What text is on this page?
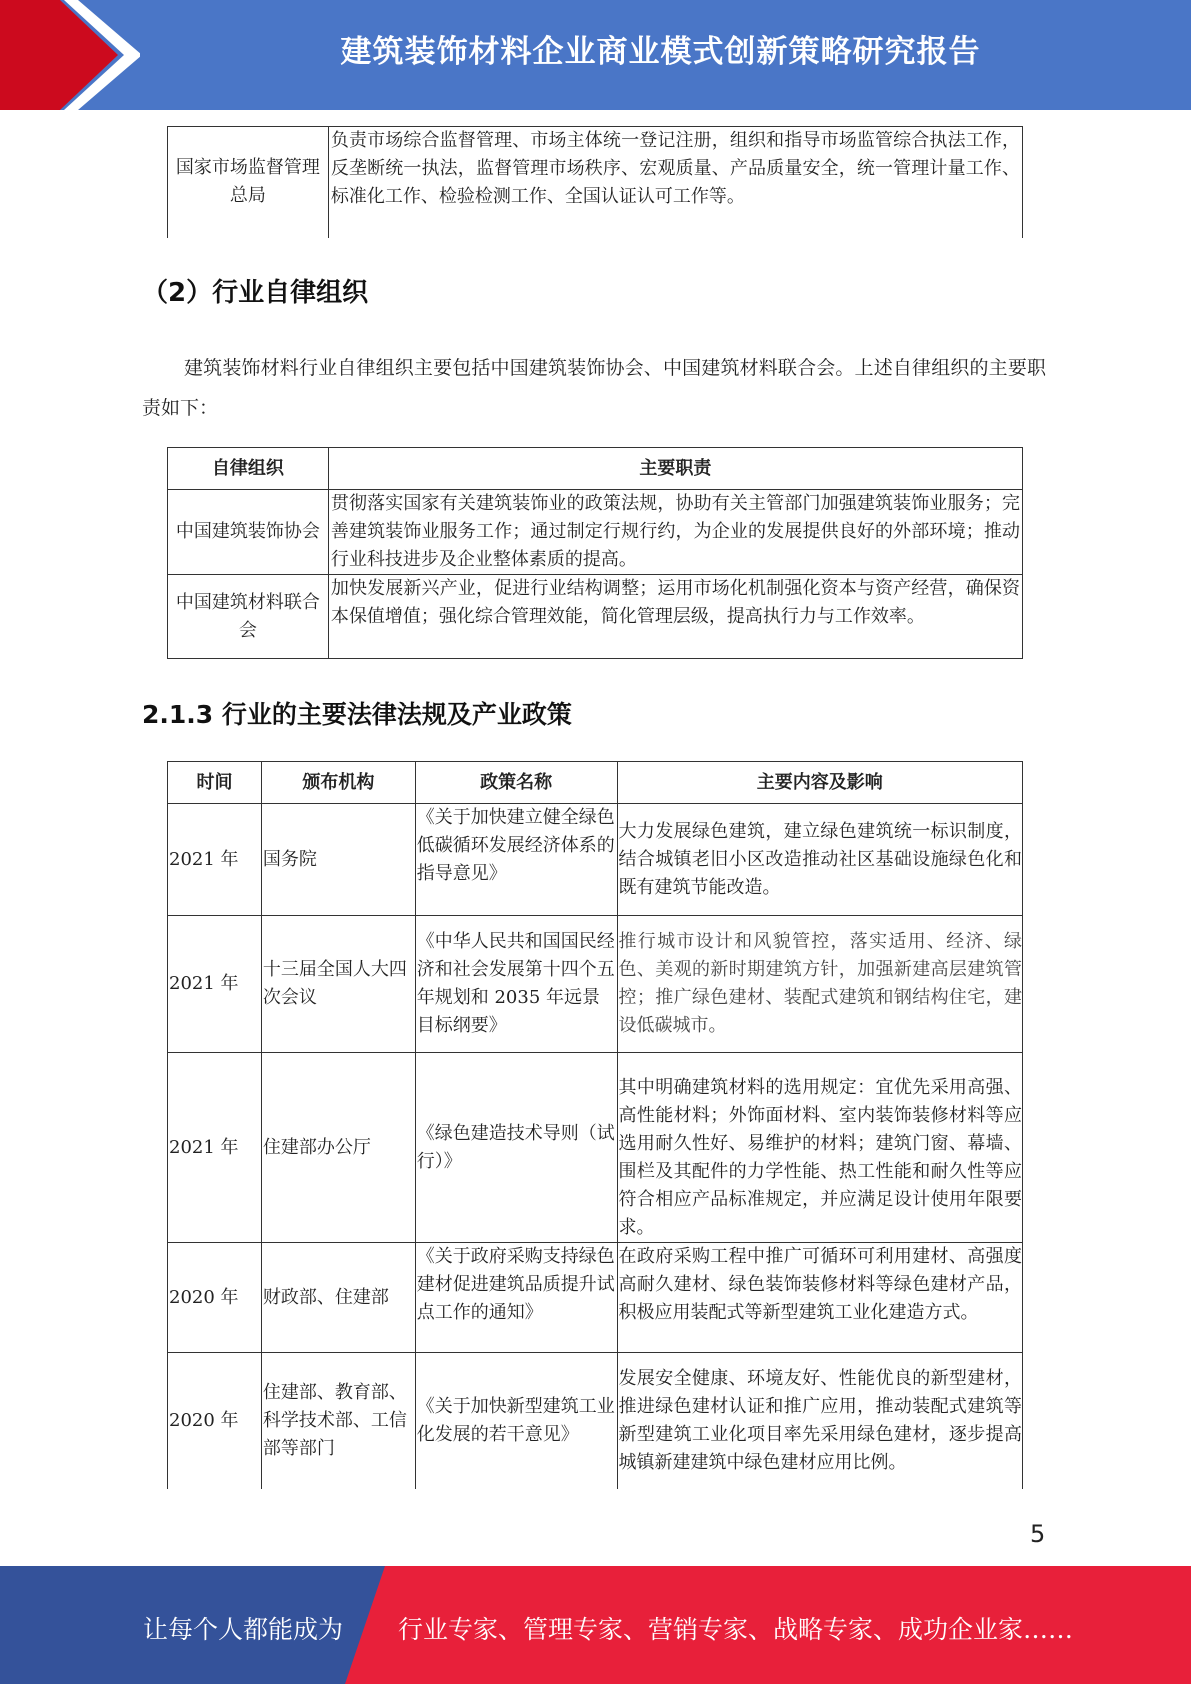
建筑装饰材料企业商业模式创新策略研究报告
国家市场监督管理总局	负责市场综合监督管理、市场主体统一登记注册，组织和指导市场监管综合执法工作，反垄断统一执法，监督管理市场秩序、宏观质量、产品质量安全，统一管理计量工作、标准化工作、检验检测工作、全国认证认可工作等。
（2）行业自律组织
建筑装饰材料行业自律组织主要包括中国建筑装饰协会、中国建筑材料联合会。上述自律组织的主要职责如下：
自律组织	主要职责
中国建筑装饰协会	贯彻落实国家有关建筑装饰业的政策法规，协助有关主管部门加强建筑装饰业服务；完善建筑装饰业服务工作；通过制定行规行约，为企业的发展提供良好的外部环境；推动行业科技进步及企业整体素质的提高。
中国建筑材料联合会	加快发展新兴产业，促进行业结构调整；运用市场化机制强化资本与资产经营，确保资本保值增值；强化综合管理效能，简化管理层级，提高执行力与工作效率。
2.1.3 行业的主要法律法规及产业政策
时间	颁布机构	政策名称	主要内容及影响
2021 年	国务院	《关于加快建立健全绿色低碳循环发展经济体系的指导意见》	大力发展绿色建筑，建立绿色建筑统一标识制度，结合城镇老旧小区改造推动社区基础设施绿色化和既有建筑节能改造。
2021 年	十三届全国人大四次会议	《中华人民共和国国民经济和社会发展第十四个五年规划和 2035 年远景目标纲要》	推行城市设计和风貌管控，落实适用、经济、绿色、美观的新时期建筑方针，加强新建高层建筑管控；推广绿色建材、装配式建筑和钢结构住宅，建设低碳城市。
2021 年	住建部办公厅	《绿色建造技术导则（试行）》	其中明确建筑材料的选用规定：宜优先采用高强、高性能材料；外饰面材料、室内装饰装修材料等应选用耐久性好、易维护的材料；建筑门窗、幕墙、围栏及其配件的力学性能、热工性能和耐久性等应符合相应产品标准规定，并应满足设计使用年限要求。
2020 年	财政部、住建部	《关于政府采购支持绿色建材促进建筑品质提升试点工作的通知》	在政府采购工程中推广可循环可利用建材、高强度高耐久建材、绿色装饰装修材料等绿色建材产品，积极应用装配式等新型建筑工业化建造方式。
2020 年	住建部、教育部、科学技术部、工信部等部门	《关于加快新型建筑工业化发展的若干意见》	发展安全健康、环境友好、性能优良的新型建材，推进绿色建材认证和推广应用，推动装配式建筑等新型建筑工业化项目率先采用绿色建材，逐步提高城镇新建建筑中绿色建材应用比例。
5
让每个人都能成为 行业专家、管理专家、营销专家、战略专家、成功企业家……
